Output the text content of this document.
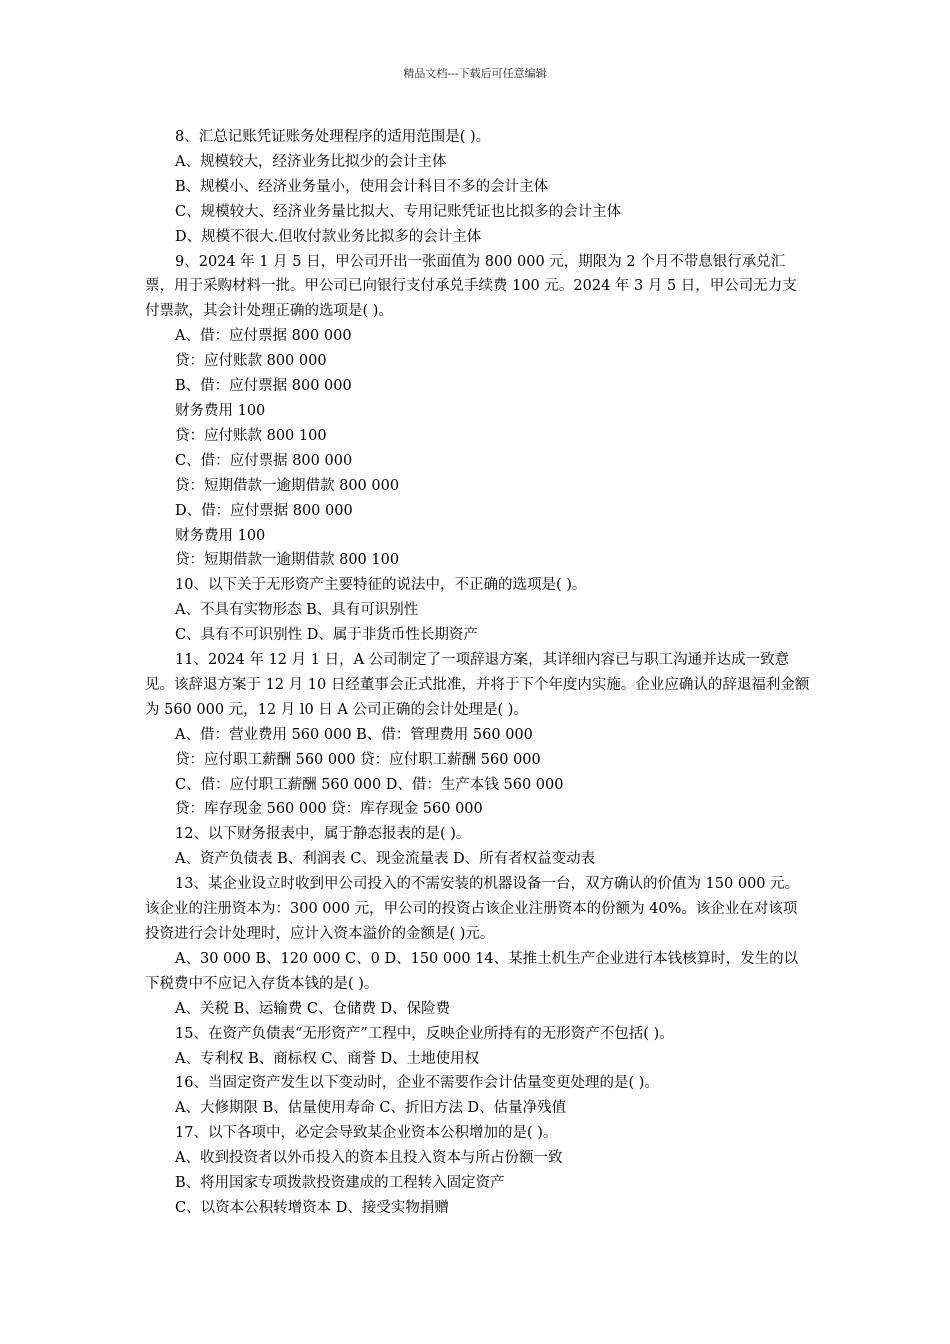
精品文档---下载后可任意编辑

8、汇总记账凭证账务处理程序的适用范围是( )。

A、规模较大，经济业务比拟少的会计主体

B、规模小、经济业务量小，使用会计科目不多的会计主体

C、规模较大、经济业务量比拟大、专用记账凭证也比拟多的会计主体

D、规模不很大.但收付款业务比拟多的会计主体

9、2024 年 1 月 5 日，甲公司开出一张面值为 800 000 元，期限为 2 个月不带息银行承兑汇票，用于采购材料一批。甲公司已向银行支付承兑手续费 100 元。2024 年 3 月 5 日，甲公司无力支付票款，其会计处理正确的选项是( )。

A、借：应付票据 800 000

贷：应付账款 800 000

B、借：应付票据 800 000

财务费用 100

贷：应付账款 800 100

C、借：应付票据 800 000

贷：短期借款一逾期借款 800 000

D、借：应付票据 800 000

财务费用 100

贷：短期借款一逾期借款 800 100

10、以下关于无形资产主要特征的说法中，不正确的选项是( )。

A、不具有实物形态 B、具有可识别性

C、具有不可识别性 D、属于非货币性长期资产

11、2024 年 12 月 1 日，A 公司制定了一项辞退方案，其详细内容已与职工沟通并达成一致意见。该辞退方案于 12 月 10 日经董事会正式批准，并将于下个年度内实施。企业应确认的辞退福利金额为 560 000 元，12 月 l0 日 A 公司正确的会计处理是( )。

A、借：营业费用 560 000 B、借：管理费用 560 000

贷：应付职工薪酬 560 000 贷：应付职工薪酬 560 000

C、借：应付职工薪酬 560 000 D、借：生产本钱 560 000

贷：库存现金 560 000 贷：库存现金 560 000

12、以下财务报表中，属于静态报表的是( )。

A、资产负债表 B、利润表 C、现金流量表 D、所有者权益变动表

13、某企业设立时收到甲公司投入的不需安装的机器设备一台，双方确认的价值为 150 000 元。该企业的注册资本为：300 000 元，甲公司的投资占该企业注册资本的份额为 40%。该企业在对该项投资进行会计处理时，应计入资本溢价的金额是( )元。

A、30 000 B、120 000 C、0 D、150 000 14、某推土机生产企业进行本钱核算时，发生的以下税费中不应记入存货本钱的是( )。

A、关税 B、运输费 C、仓储费 D、保险费

15、在资产负债表“无形资产”工程中，反映企业所持有的无形资产不包括( )。

A、专利权 B、商标权 C、商誉 D、土地使用权

16、当固定资产发生以下变动时，企业不需要作会计估量变更处理的是( )。

A、大修期限 B、估量使用寿命 C、折旧方法 D、估量净残值

17、以下各项中，必定会导致某企业资本公积增加的是( )。

A、收到投资者以外币投入的资本且投入资本与所占份额一致

B、将用国家专项拨款投资建成的工程转入固定资产

C、以资本公积转增资本 D、接受实物捐赠
